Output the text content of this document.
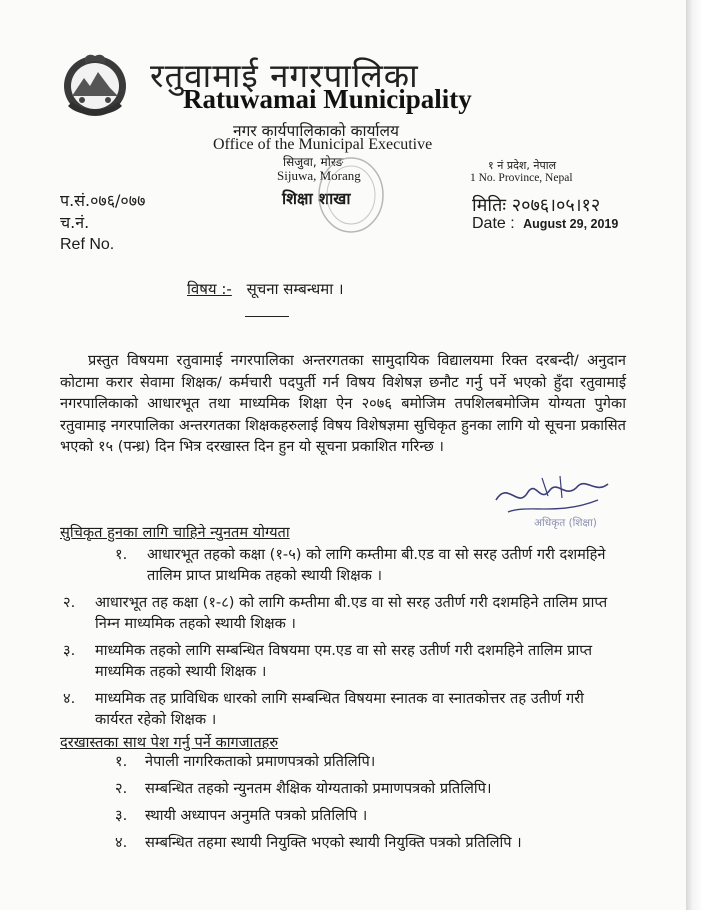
रतुवामाई नगरपालिका
Ratuwamai Municipality
नगर कार्यपालिकाको कार्यालय
Office of the Municipal Executive
सिजुवा, मोरङ
Sijuwa, Morang
शिक्षा शाखा
१ नं प्रदेश, नेपाल
1 No. Province, Nepal
मितिः २०७६।०५।१२
Date : August 29, 2019
प.सं.०७६/०७७
च.नं.
Ref No.
विषय :- सूचना सम्बन्धमा ।
प्रस्तुत विषयमा रतुवामाई नगरपालिका अन्तरगतका सामुदायिक विद्यालयमा रिक्त दरबन्दी/ अनुदान कोटामा करार सेवामा शिक्षक/ कर्मचारी पदपुर्ती गर्न विषय विशेषज्ञ छनौट गर्नु पर्ने भएको हुँदा रतुवामाई नगरपालिकाको आधारभूत तथा माध्यमिक शिक्षा ऐन २०७६ बमोजिम तपशिलबमोजिम योग्यता पुगेका रतुवामाइ नगरपालिका अन्तरगतका शिक्षकहरुलाई विषय विशेषज्ञमा सुचिकृत हुनका लागि यो सूचना प्रकासित भएको १५ (पन्ध्र) दिन भित्र दरखास्त दिन हुन यो सूचना प्रकाशित गरिन्छ ।
अधिकृत (शिक्षा)
सुचिकृत हुनका लागि चाहिने न्युनतम योग्यता
१.	आधारभूत तहको कक्षा (१-५) को लागि कम्तीमा बी.एड वा सो सरह उतीर्ण गरी दशमहिने तालिम प्राप्त प्राथमिक तहको स्थायी शिक्षक ।
२.	आधारभूत तह कक्षा (१-८) को लागि कम्तीमा बी.एड वा सो सरह उतीर्ण गरी दशमहिने तालिम प्राप्त निम्न माध्यमिक तहको स्थायी शिक्षक ।
३.	माध्यमिक तहको लागि सम्बन्धित विषयमा एम.एड वा सो सरह उतीर्ण गरी दशमहिने तालिम प्राप्त माध्यमिक तहको स्थायी शिक्षक ।
४.	माध्यमिक तह प्राविधिक धारको लागि सम्बन्धित विषयमा स्नातक वा स्नातकोत्तर तह उतीर्ण गरी कार्यरत रहेको शिक्षक ।
दरखास्तका साथ पेश गर्नु पर्ने कागजातहरु
१. नेपाली नागरिकताको प्रमाणपत्रको प्रतिलिपि।
२. सम्बन्धित तहको न्युनतम शैक्षिक योग्यताको प्रमाणपत्रको प्रतिलिपि।
३. स्थायी अध्यापन अनुमति पत्रको प्रतिलिपि ।
४. सम्बन्धित तहमा स्थायी नियुक्ति भएको स्थायी नियुक्ति पत्रको प्रतिलिपि ।
